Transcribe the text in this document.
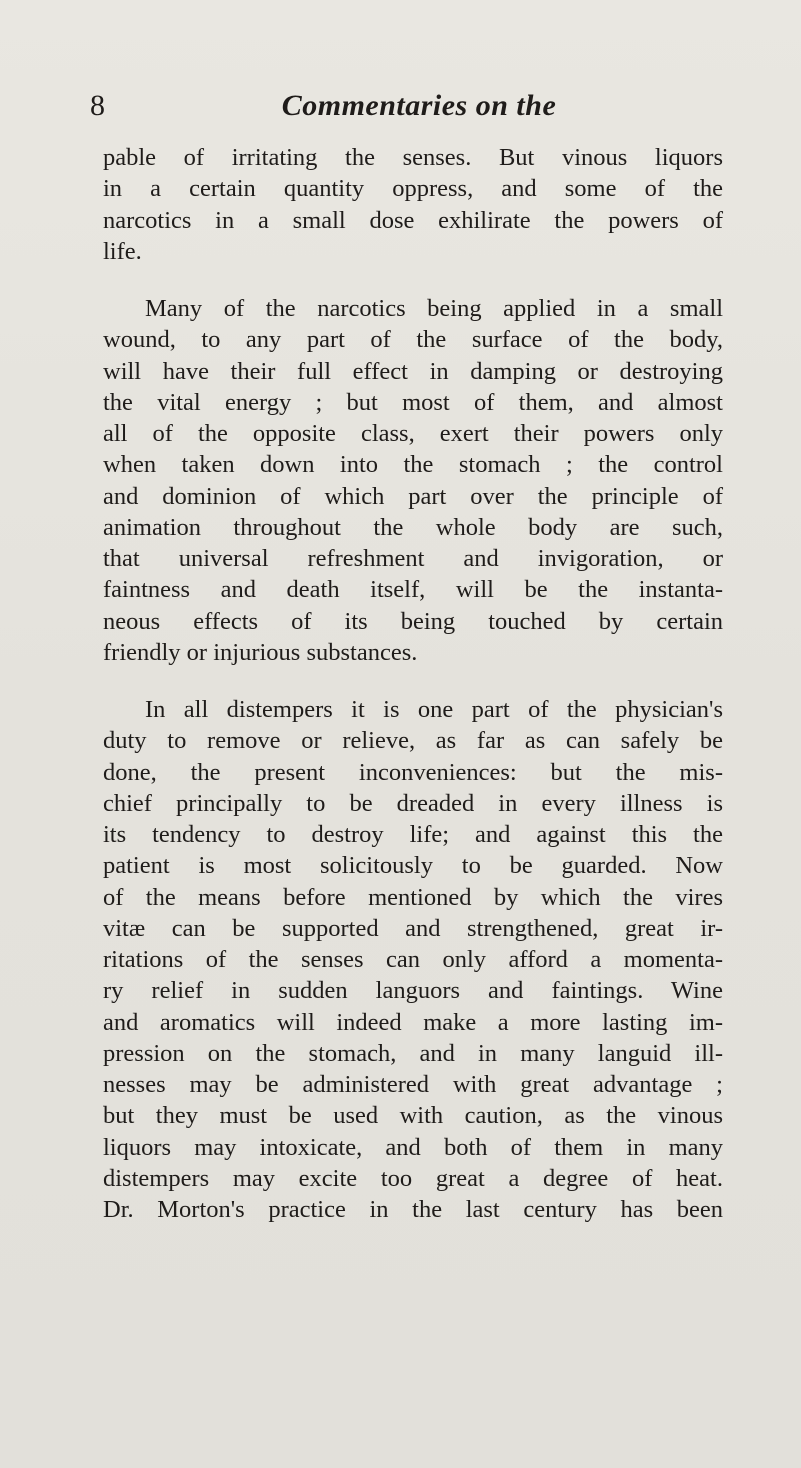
8	Commentaries on the
pable of irritating the senses. But vinous liquors
in a certain quantity oppress, and some of the
narcotics in a small dose exhilirate the powers of
life.
Many of the narcotics being applied in a small
wound, to any part of the surface of the body,
will have their full effect in damping or destroying
the vital energy ; but most of them, and almost
all of the opposite class, exert their powers only
when taken down into the stomach ; the control
and dominion of which part over the principle of
animation throughout the whole body are such,
that universal refreshment and invigoration, or
faintness and death itself, will be the instanta-
neous effects of its being touched by certain
friendly or injurious substances.
In all distempers it is one part of the physician's
duty to remove or relieve, as far as can safely be
done, the present inconveniences: but the mis-
chief principally to be dreaded in every illness is
its tendency to destroy life; and against this the
patient is most solicitously to be guarded. Now
of the means before mentioned by which the vires
vitæ can be supported and strengthened, great ir-
ritations of the senses can only afford a momenta-
ry relief in sudden languors and faintings. Wine
and aromatics will indeed make a more lasting im-
pression on the stomach, and in many languid ill-
nesses may be administered with great advantage ;
but they must be used with caution, as the vinous
liquors may intoxicate, and both of them in many
distempers may excite too great a degree of heat.
Dr. Morton's practice in the last century has been
